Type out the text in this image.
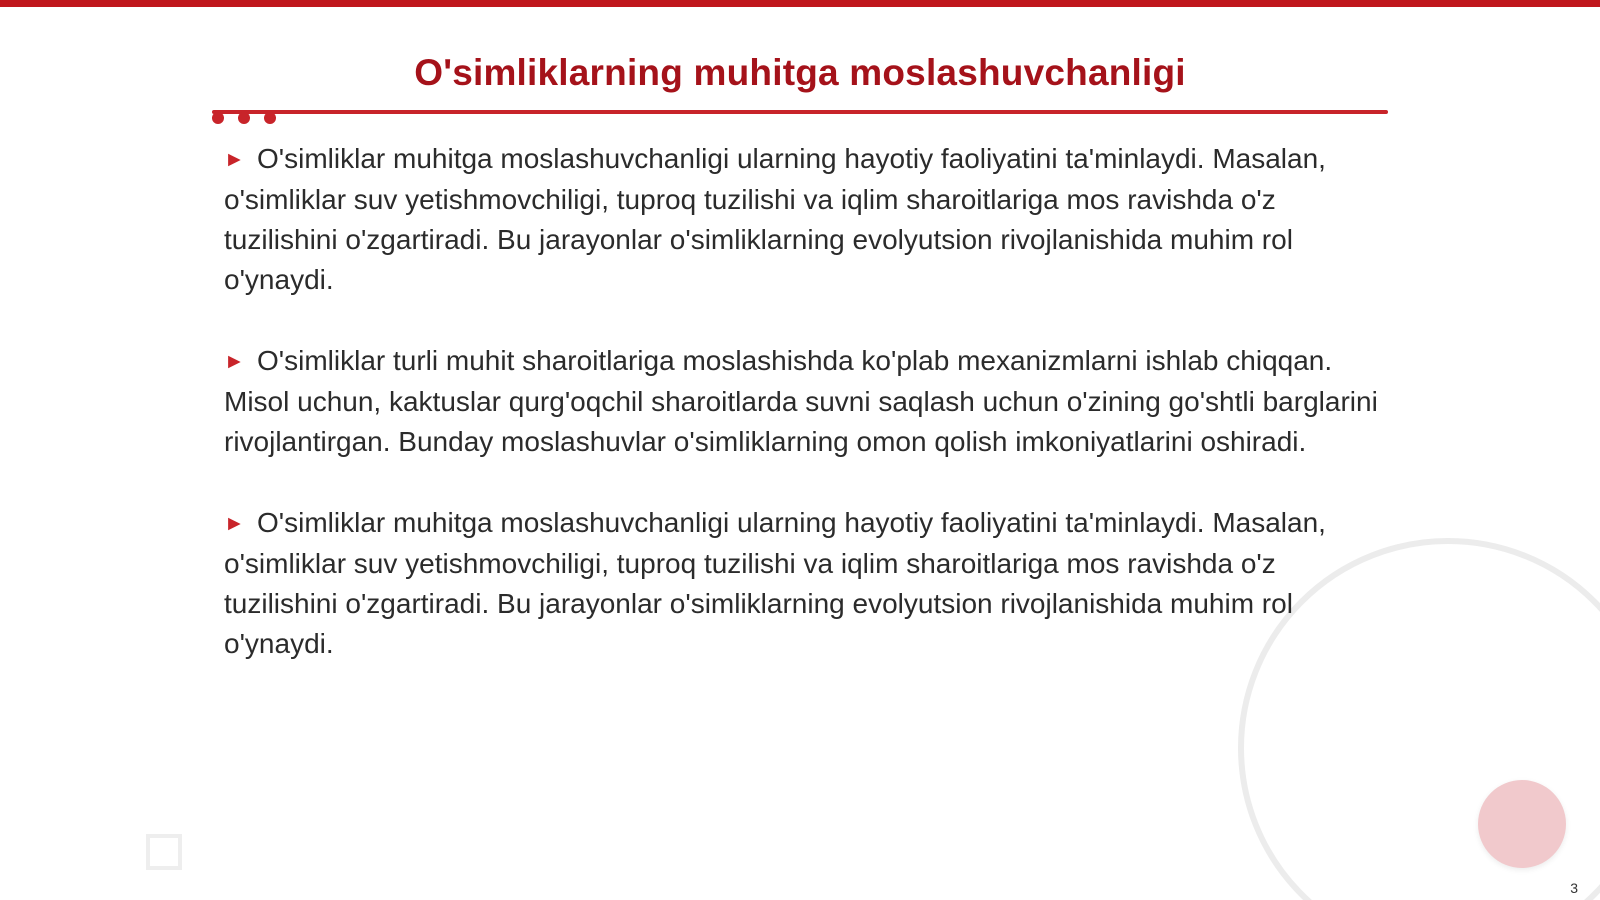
O'simliklarning muhitga moslashuvchanligi

► O'simliklar muhitga moslashuvchanligi ularning hayotiy faoliyatini ta'minlaydi. Masalan, o'simliklar suv yetishmovchiligi, tuproq tuzilishi va iqlim sharoitlariga mos ravishda o'z tuzilishini o'zgartiradi. Bu jarayonlar o'simliklarning evolyutsion rivojlanishida muhim rol o'ynaydi.

► O'simliklar turli muhit sharoitlariga moslashishda ko'plab mexanizmlarni ishlab chiqqan. Misol uchun, kaktuslar qurg'oqchil sharoitlarda suvni saqlash uchun o'zining go'shtli barglarini rivojlantirgan. Bunday moslashuvlar o'simliklarning omon qolish imkoniyatlarini oshiradi.

► O'simliklar muhitga moslashuvchanligi ularning hayotiy faoliyatini ta'minlaydi. Masalan, o'simliklar suv yetishmovchiligi, tuproq tuzilishi va iqlim sharoitlariga mos ravishda o'z tuzilishini o'zgartiradi. Bu jarayonlar o'simliklarning evolyutsion rivojlanishida muhim rol o'ynaydi.

3
